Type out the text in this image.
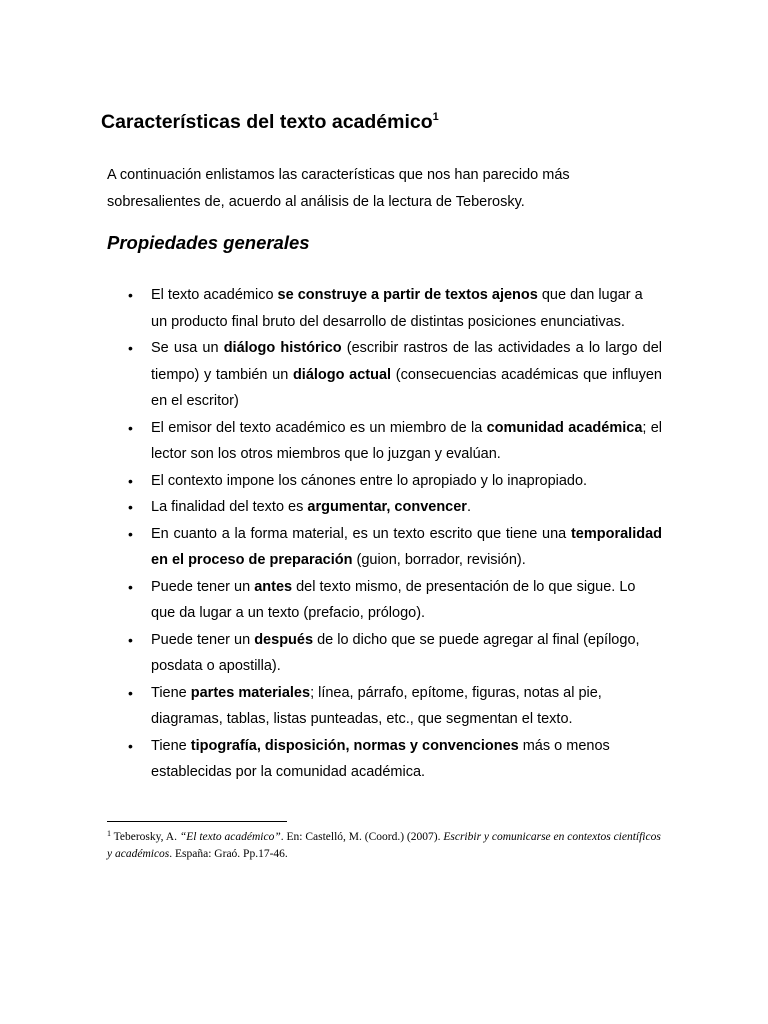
Características del texto académico$^1$

A continuación enlistamos las características que nos han parecido más sobresalientes de, acuerdo al análisis de la lectura de Teberosky.

Propiedades generales
• El texto académico se construye a partir de textos ajenos que dan lugar a un producto final bruto del desarrollo de distintas posiciones enunciativas.
• Se usa un diálogo histórico (escribir rastros de las actividades a lo largo del tiempo) y también un diálogo actual (consecuencias académicas que influyen en el escritor)
• El emisor del texto académico es un miembro de la comunidad académica; el lector son los otros miembros que lo juzgan y evalúan.
• El contexto impone los cánones entre lo apropiado y lo inapropiado.
• La finalidad del texto es argumentar, convencer.
• En cuanto a la forma material, es un texto escrito que tiene una temporalidad en el proceso de preparación (guion, borrador, revisión).
• Puede tener un antes del texto mismo, de presentación de lo que sigue. Lo que da lugar a un texto (prefacio, prólogo).
• Puede tener un después de lo dicho que se puede agregar al final (epílogo, posdata o apostilla).
• Tiene partes materiales; línea, párrafo, epítome, figuras, notas al pie, diagramas, tablas, listas punteadas, etc., que segmentan el texto.
• Tiene tipografía, disposición, normas y convenciones más o menos establecidas por la comunidad académica.

$^1$ Teberosky, A. “El texto académico”. En: Castelló, M. (Coord.) (2007). Escribir y comunicarse en contextos científicos y académicos. España: Graó. Pp.17-46.
